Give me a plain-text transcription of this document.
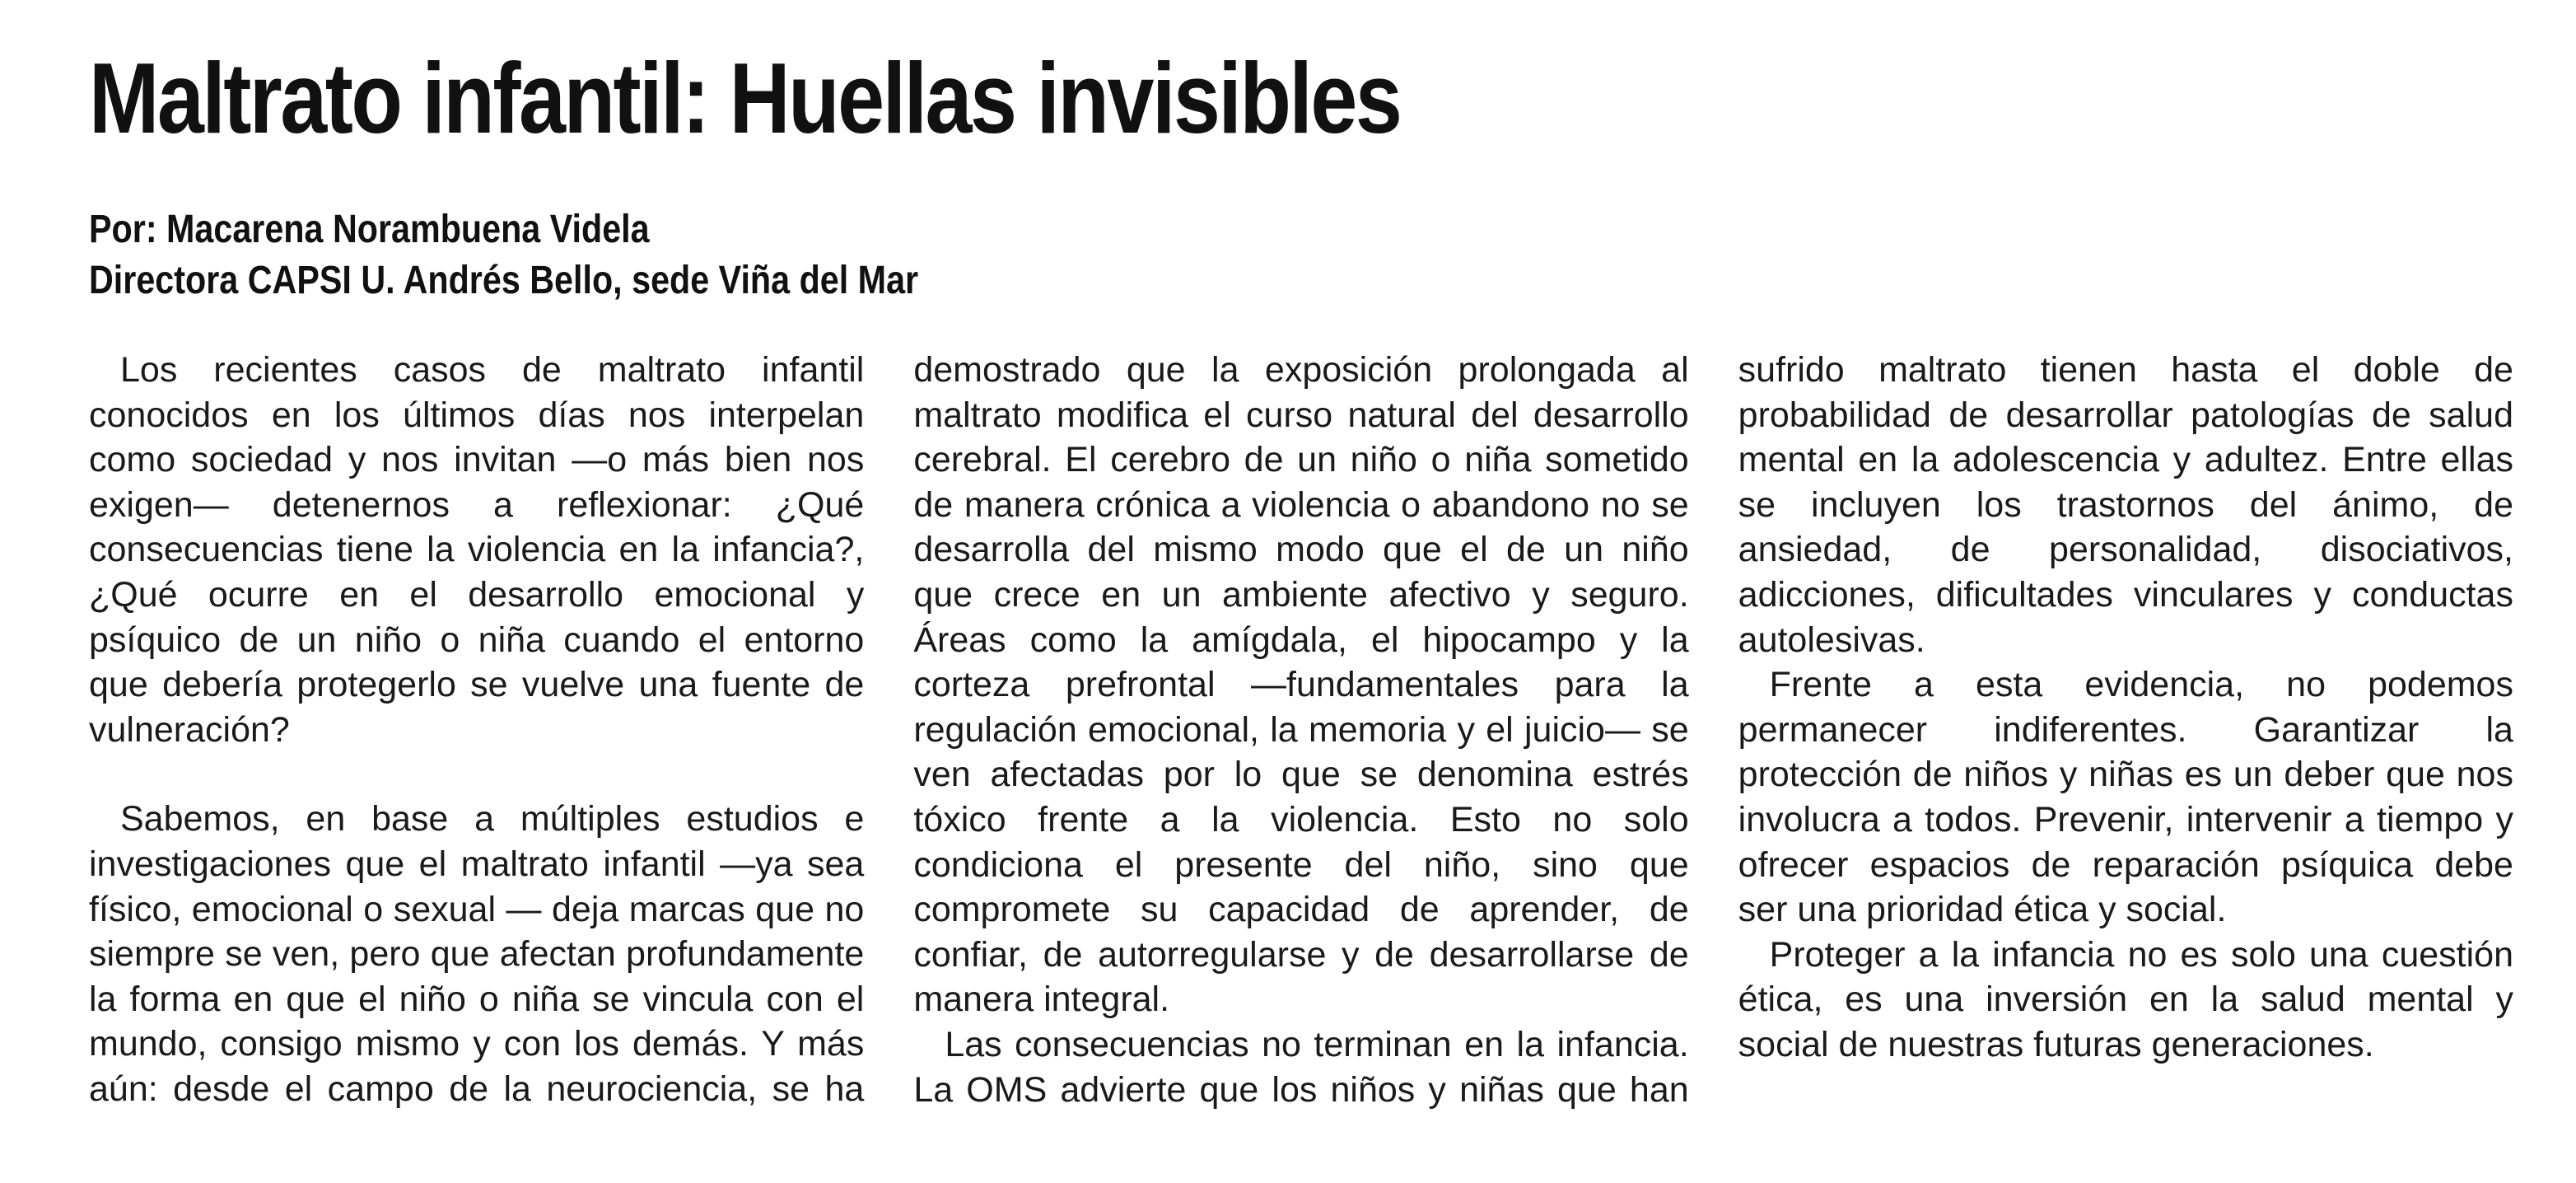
Maltrato infantil: Huellas invisibles
Por: Macarena Norambuena Videla
Directora CAPSI U. Andrés Bello, sede Viña del Mar

Los recientes casos de maltrato infantil conocidos en los últimos días nos interpelan como sociedad y nos invitan —o más bien nos exigen— detenernos a reflexionar: ¿Qué consecuencias tiene la violencia en la infancia?, ¿Qué ocurre en el desarrollo emocional y psíquico de un niño o niña cuando el entorno que debería protegerlo se vuelve una fuente de vulneración?

Sabemos, en base a múltiples estudios e investigaciones que el maltrato infantil —ya sea físico, emocional o sexual — deja marcas que no siempre se ven, pero que afectan profundamente la forma en que el niño o niña se vincula con el mundo, consigo mismo y con los demás. Y más aún: desde el campo de la neurociencia, se ha demostrado que la exposición prolongada al maltrato modifica el curso natural del desarrollo cerebral. El cerebro de un niño o niña sometido de manera crónica a violencia o abandono no se desarrolla del mismo modo que el de un niño que crece en un ambiente afectivo y seguro. Áreas como la amígdala, el hipocampo y la corteza prefrontal —fundamentales para la regulación emocional, la memoria y el juicio— se ven afectadas por lo que se denomina estrés tóxico frente a la violencia. Esto no solo condiciona el presente del niño, sino que compromete su capacidad de aprender, de confiar, de autorregularse y de desarrollarse de manera integral.

Las consecuencias no terminan en la infancia. La OMS advierte que los niños y niñas que han sufrido maltrato tienen hasta el doble de probabilidad de desarrollar patologías de salud mental en la adolescencia y adultez. Entre ellas se incluyen los trastornos del ánimo, de ansiedad, de personalidad, disociativos, adicciones, dificultades vinculares y conductas autolesivas.

Frente a esta evidencia, no podemos permanecer indiferentes. Garantizar la protección de niños y niñas es un deber que nos involucra a todos. Prevenir, intervenir a tiempo y ofrecer espacios de reparación psíquica debe ser una prioridad ética y social.

Proteger a la infancia no es solo una cuestión ética, es una inversión en la salud mental y social de nuestras futuras generaciones.
